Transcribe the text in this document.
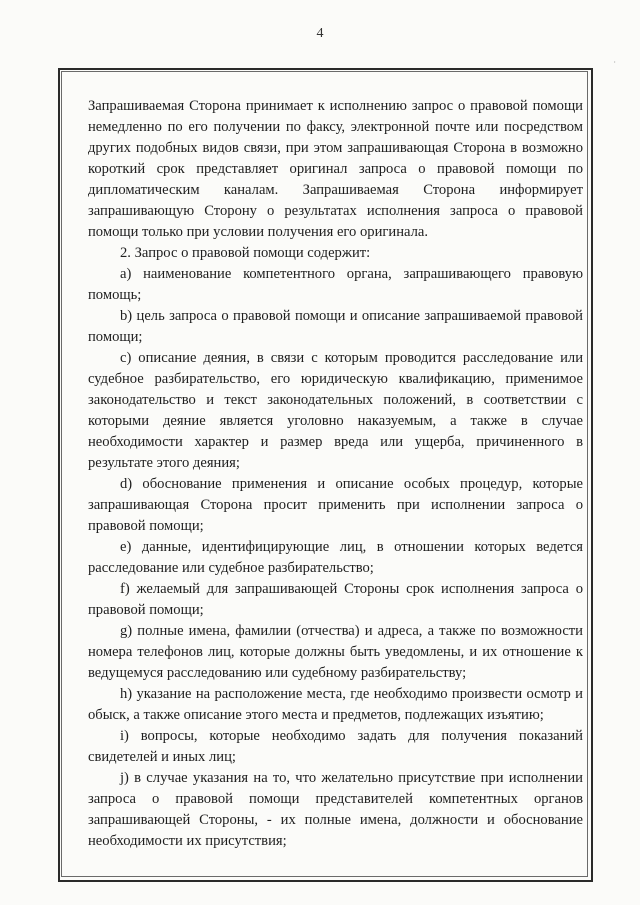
4
·

Запрашиваемая Сторона принимает к исполнению запрос о правовой помощи немедленно по его получении по факсу, электронной почте или посредством других подобных видов связи, при этом запрашивающая Сторона в возможно короткий срок представляет оригинал запроса о правовой помощи по дипломатическим каналам. Запрашиваемая Сторона информирует запрашивающую Сторону о результатах исполнения запроса о правовой помощи только при условии получения его оригинала.

2. Запрос о правовой помощи содержит:

a) наименование компетентного органа, запрашивающего правовую помощь;

b) цель запроса о правовой помощи и описание запрашиваемой правовой помощи;

c) описание деяния, в связи с которым проводится расследование или судебное разбирательство, его юридическую квалификацию, применимое законодательство и текст законодательных положений, в соответствии с которыми деяние является уголовно наказуемым, а также в случае необходимости характер и размер вреда или ущерба, причиненного в результате этого деяния;

d) обоснование применения и описание особых процедур, которые запрашивающая Сторона просит применить при исполнении запроса о правовой помощи;

e) данные, идентифицирующие лиц, в отношении которых ведется расследование или судебное разбирательство;

f) желаемый для запрашивающей Стороны срок исполнения запроса о правовой помощи;

g) полные имена, фамилии (отчества) и адреса, а также по возможности номера телефонов лиц, которые должны быть уведомлены, и их отношение к ведущемуся расследованию или судебному разбирательству;

h) указание на расположение места, где необходимо произвести осмотр и обыск, а также описание этого места и предметов, подлежащих изъятию;

i) вопросы, которые необходимо задать для получения показаний свидетелей и иных лиц;

j) в случае указания на то, что желательно присутствие при исполнении запроса о правовой помощи представителей компетентных органов запрашивающей Стороны, - их полные имена, должности и обоснование необходимости их присутствия;
